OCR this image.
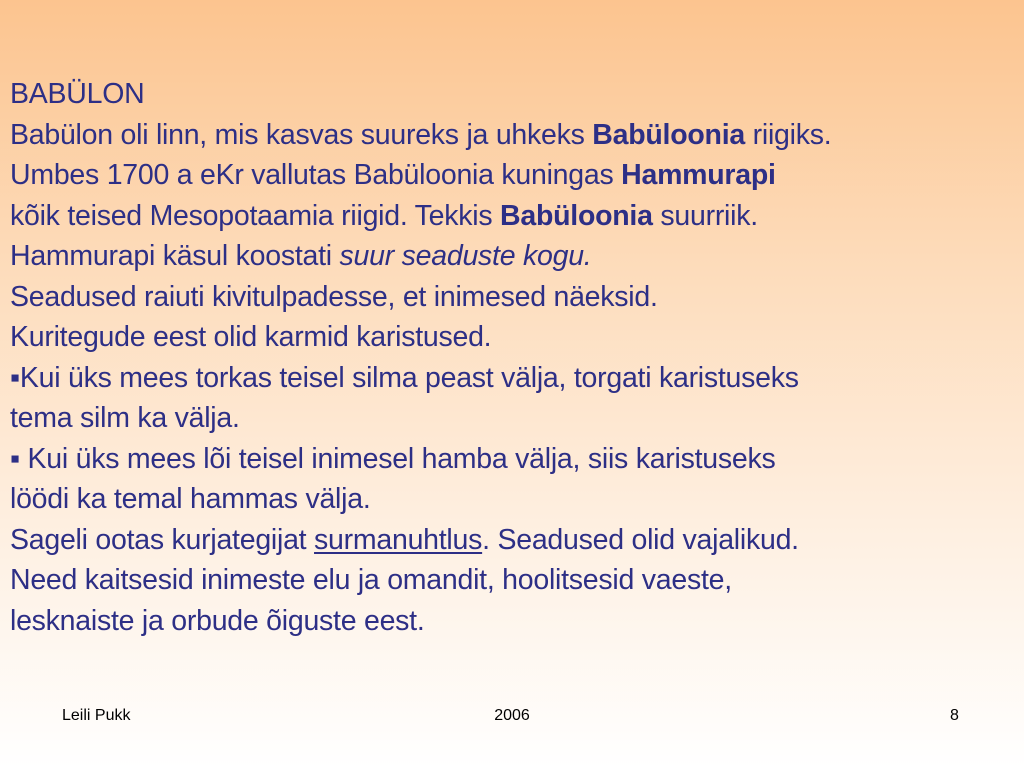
BABÜLON
Babülon oli linn, mis kasvas suureks ja uhkeks Babüloonia riigiks.
Umbes 1700 a eKr vallutas Babüloonia kuningas Hammurapi
kõik teised Mesopotaamia riigid. Tekkis Babüloonia suurriik.
Hammurapi käsul koostati suur seaduste kogu.
Seadused raiuti kivitulpadesse, et inimesed näeksid.
Kuritegude eest olid karmid karistused.
▪Kui üks mees torkas teisel silma peast välja, torgati karistuseks
tema silm ka välja.
▪ Kui üks mees lõi teisel inimesel hamba välja, siis karistuseks
löödi ka temal hammas välja.
Sageli ootas kurjategijat surmanuhtlus. Seadused olid vajalikud.
Need kaitsesid inimeste elu ja omandit, hoolitsesid vaeste,
lesknaiste ja orbude õiguste eest.
Leili Pukk	2006	8
